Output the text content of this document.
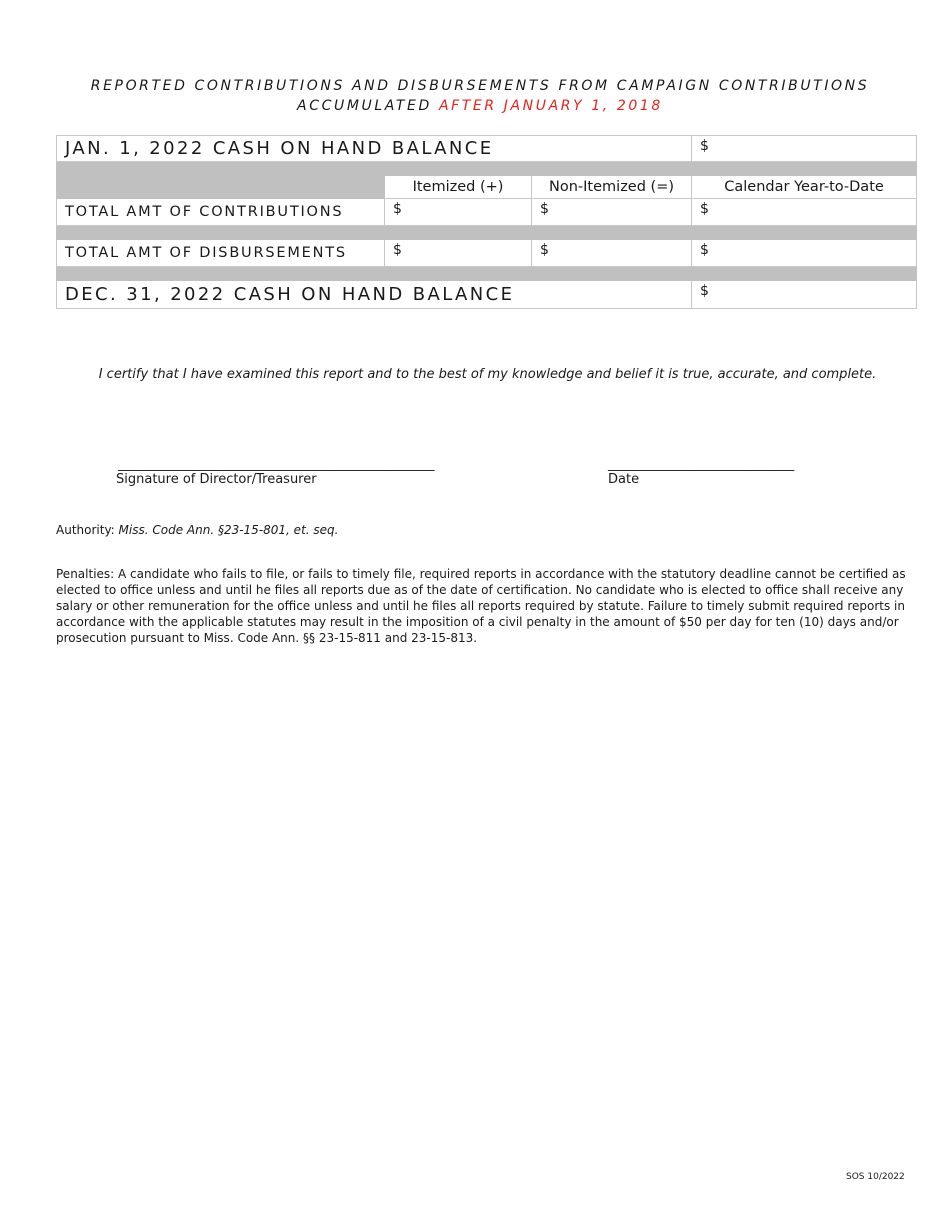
REPORTED CONTRIBUTIONS AND DISBURSEMENTS FROM CAMPAIGN CONTRIBUTIONS
ACCUMULATED AFTER JANUARY 1, 2018
JAN. 1, 2022 CASH ON HAND BALANCE			$

	Itemized (+)	Non-Itemized (=)	Calendar Year-to-Date
TOTAL AMT OF CONTRIBUTIONS	$	$	$

TOTAL AMT OF DISBURSEMENTS	$	$	$

DEC. 31, 2022 CASH ON HAND BALANCE			$
I certify that I have examined this report and to the best of my knowledge and belief it is true, accurate, and complete.
___________________________________________________
Signature of Director/Treasurer
______________________________
Date
Authority: Miss. Code Ann. §23-15-801, et. seq.
Penalties: A candidate who fails to file, or fails to timely file, required reports in accordance with the statutory deadline cannot be certified as elected to office unless and until he files all reports due as of the date of certification. No candidate who is elected to office shall receive any salary or other remuneration for the office unless and until he files all reports required by statute. Failure to timely submit required reports in accordance with the applicable statutes may result in the imposition of a civil penalty in the amount of $50 per day for ten (10) days and/or prosecution pursuant to Miss. Code Ann. §§ 23-15-811 and 23-15-813.
SOS 10/2022
